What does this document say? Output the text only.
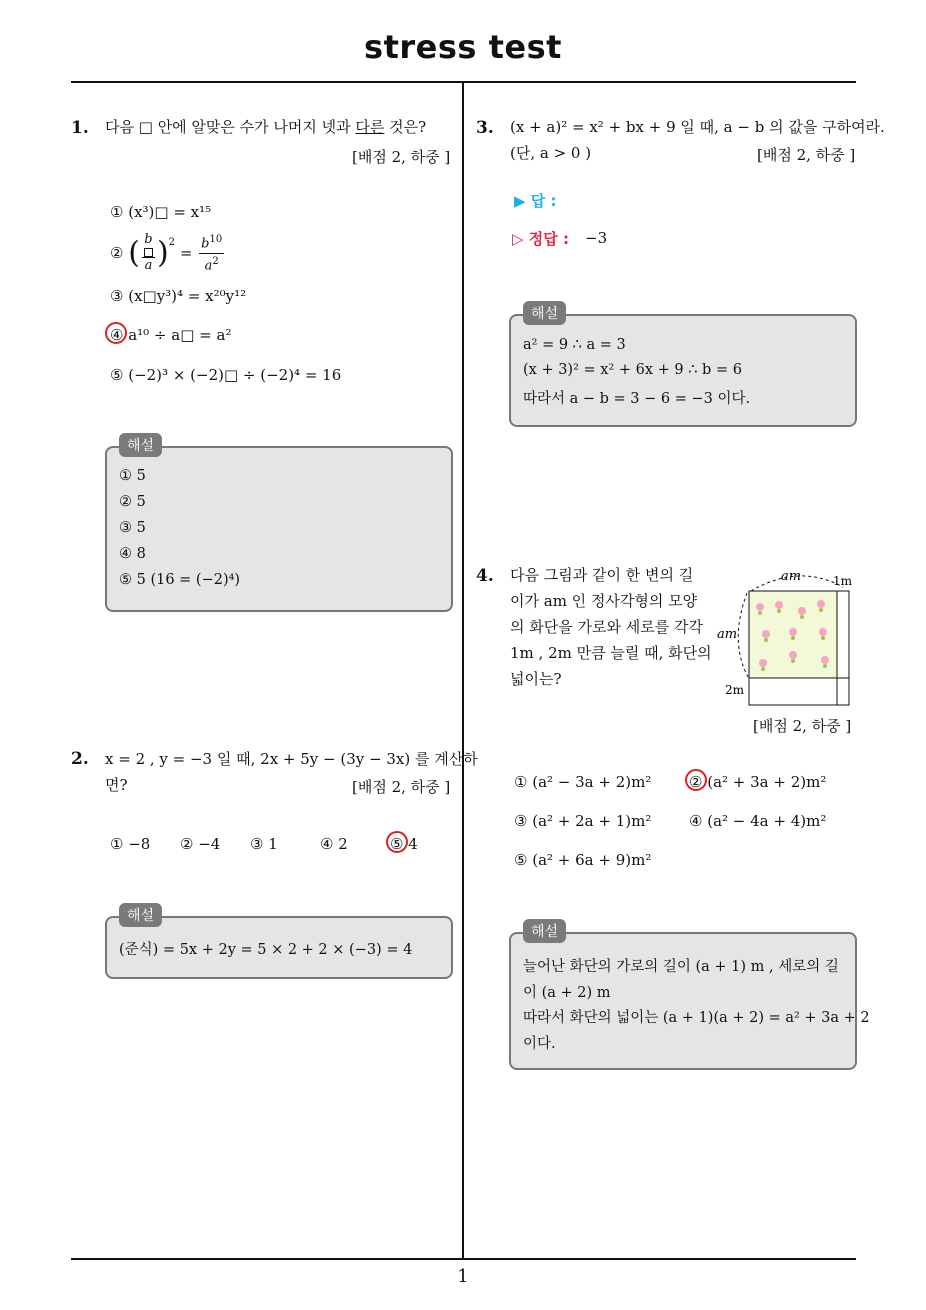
stress test
1
1. 다음 □ 안에 알맞은 수가 나머지 넷과 다른 것은?
[배점 2, 하중 ]
① (x³)□ = x¹⁵
② ( $\frac{b}{a} )^2 = \frac{b^{10}}{a^2}$
③ (x□y³)⁴ = x²⁰y¹²
④ a¹⁰ ÷ a□ = a²
⑤ (−2)³ × (−2)□ ÷ (−2)⁴ = 16
해설
① 5
② 5
③ 5
④ 8
⑤ 5 (16 = (−2)⁴)
2. x = 2 , y = −3 일 때, 2x + 5y − (3y − 3x) 를 계산하
면?	[배점 2, 하중 ]
① −8 ② −4 ③ 1	④ 2	⑤ 4
해설
(준식) = 5x + 2y = 5 × 2 + 2 × (−3) = 4
3. (x + a)² = x² + bx + 9 일 때, a − b 의 값을 구하여라.
(단, a > 0 )	[배점 2, 하중 ]
▶ 답 :
▷ 정답 : −3
해설
a² = 9 ∴ a = 3
(x + 3)² = x² + 6x + 9 ∴ b = 6
따라서 a − b = 3 − 6 = −3 이다.
4. 다음 그림과 같이 한 변의 길
이가 am 인 정사각형의 모양
의 화단을 가로와 세로를 각각
1m , 2m 만큼 늘릴 때, 화단의
넓이는?
am	1m
am
2m
[배점 2, 하중 ]
① (a² − 3a + 2)m²	② (a² + 3a + 2)m²
③ (a² + 2a + 1)m²	④ (a² − 4a + 4)m²
⑤ (a² + 6a + 9)m²
해설
늘어난 화단의 가로의 길이 (a + 1) m , 세로의 길
이 (a + 2) m
따라서 화단의 넓이는 (a + 1)(a + 2) = a² + 3a + 2
이다.
